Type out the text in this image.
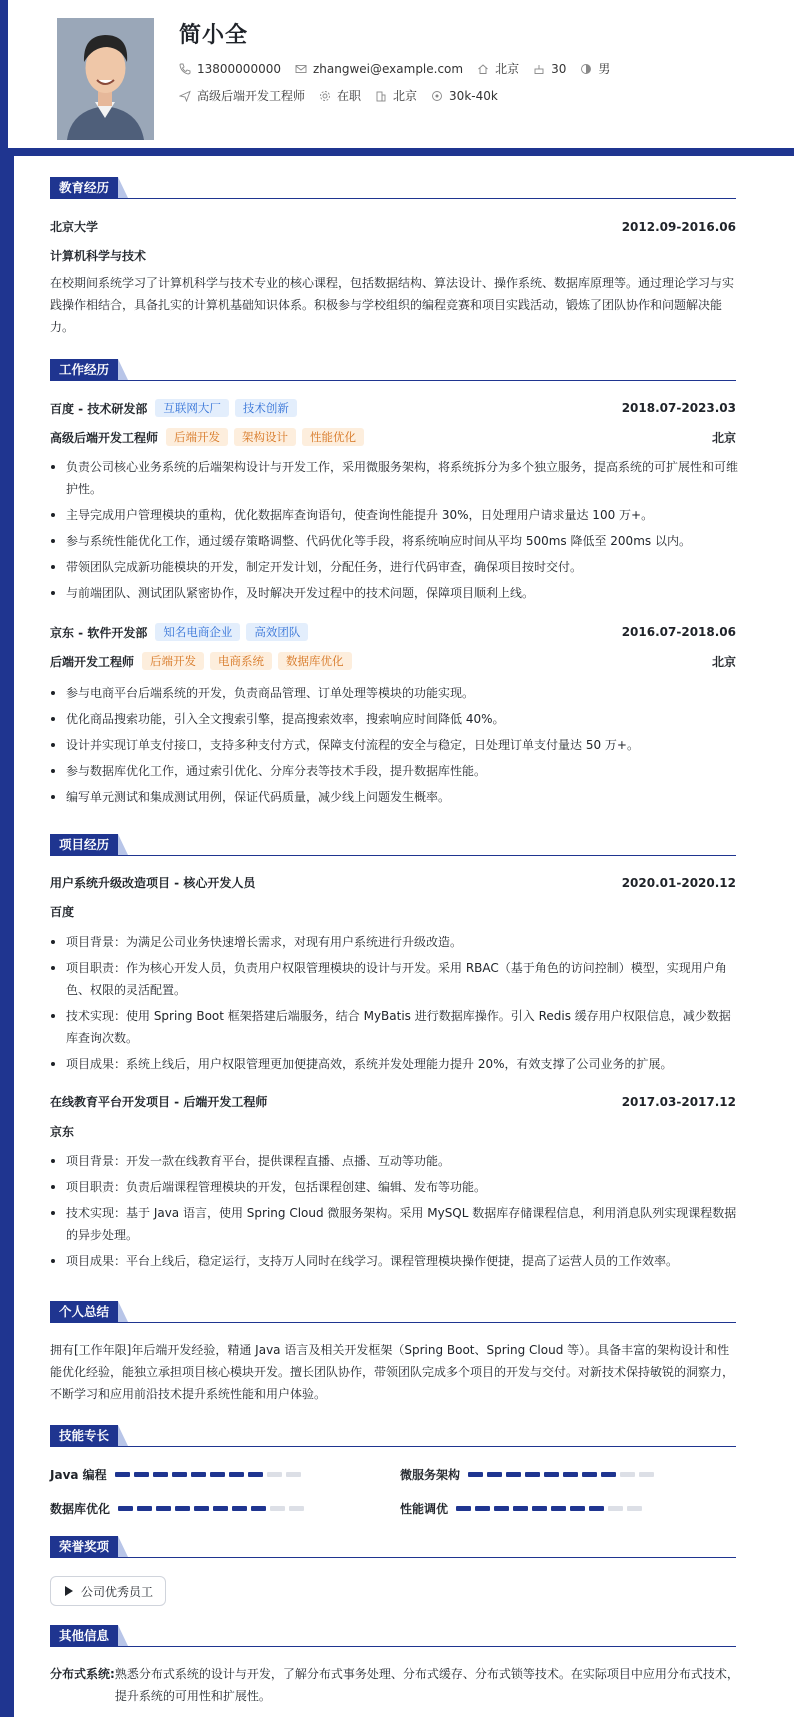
简小全
13800000000	zhangwei@example.com	北京	30	男
高级后端开发工程师	在职	北京	30k-40k
教育经历
北京大学	2012.09-2016.06
计算机科学与技术
在校期间系统学习了计算机科学与技术专业的核心课程，包括数据结构、算法设计、操作系统、数据库原理等。通过理论学习与实践操作相结合，具备扎实的计算机基础知识体系。积极参与学校组织的编程竞赛和项目实践活动，锻炼了团队协作和问题解决能力。
工作经历
百度 - 技术研发部	互联网大厂	技术创新	2018.07-2023.03
高级后端开发工程师	后端开发	架构设计	性能优化	北京
负责公司核心业务系统的后端架构设计与开发工作，采用微服务架构，将系统拆分为多个独立服务，提高系统的可扩展性和可维护性。
主导完成用户管理模块的重构，优化数据库查询语句，使查询性能提升 30%，日处理用户请求量达 100 万+。
参与系统性能优化工作，通过缓存策略调整、代码优化等手段，将系统响应时间从平均 500ms 降低至 200ms 以内。
带领团队完成新功能模块的开发，制定开发计划，分配任务，进行代码审查，确保项目按时交付。
与前端团队、测试团队紧密协作，及时解决开发过程中的技术问题，保障项目顺利上线。
京东 - 软件开发部	知名电商企业	高效团队	2016.07-2018.06
后端开发工程师	后端开发	电商系统	数据库优化	北京
参与电商平台后端系统的开发，负责商品管理、订单处理等模块的功能实现。
优化商品搜索功能，引入全文搜索引擎，提高搜索效率，搜索响应时间降低 40%。
设计并实现订单支付接口，支持多种支付方式，保障支付流程的安全与稳定，日处理订单支付量达 50 万+。
参与数据库优化工作，通过索引优化、分库分表等技术手段，提升数据库性能。
编写单元测试和集成测试用例，保证代码质量，减少线上问题发生概率。
项目经历
用户系统升级改造项目 - 核心开发人员	2020.01-2020.12
百度
项目背景：为满足公司业务快速增长需求，对现有用户系统进行升级改造。
项目职责：作为核心开发人员，负责用户权限管理模块的设计与开发。采用 RBAC（基于角色的访问控制）模型，实现用户角色、权限的灵活配置。
技术实现：使用 Spring Boot 框架搭建后端服务，结合 MyBatis 进行数据库操作。引入 Redis 缓存用户权限信息，减少数据库查询次数。
项目成果：系统上线后，用户权限管理更加便捷高效，系统并发处理能力提升 20%，有效支撑了公司业务的扩展。
在线教育平台开发项目 - 后端开发工程师	2017.03-2017.12
京东
项目背景：开发一款在线教育平台，提供课程直播、点播、互动等功能。
项目职责：负责后端课程管理模块的开发，包括课程创建、编辑、发布等功能。
技术实现：基于 Java 语言，使用 Spring Cloud 微服务架构。采用 MySQL 数据库存储课程信息，利用消息队列实现课程数据的异步处理。
项目成果：平台上线后，稳定运行，支持万人同时在线学习。课程管理模块操作便捷，提高了运营人员的工作效率。
个人总结
拥有[工作年限]年后端开发经验，精通 Java 语言及相关开发框架（Spring Boot、Spring Cloud 等）。具备丰富的架构设计和性能优化经验，能独立承担项目核心模块开发。擅长团队协作，带领团队完成多个项目的开发与交付。对新技术保持敏锐的洞察力，不断学习和应用前沿技术提升系统性能和用户体验。
技能专长
Java 编程	微服务架构
数据库优化	性能调优
荣誉奖项
公司优秀员工
其他信息
分布式系统: 熟悉分布式系统的设计与开发，了解分布式事务处理、分布式缓存、分布式锁等技术。在实际项目中应用分布式技术，提升系统的可用性和扩展性。
